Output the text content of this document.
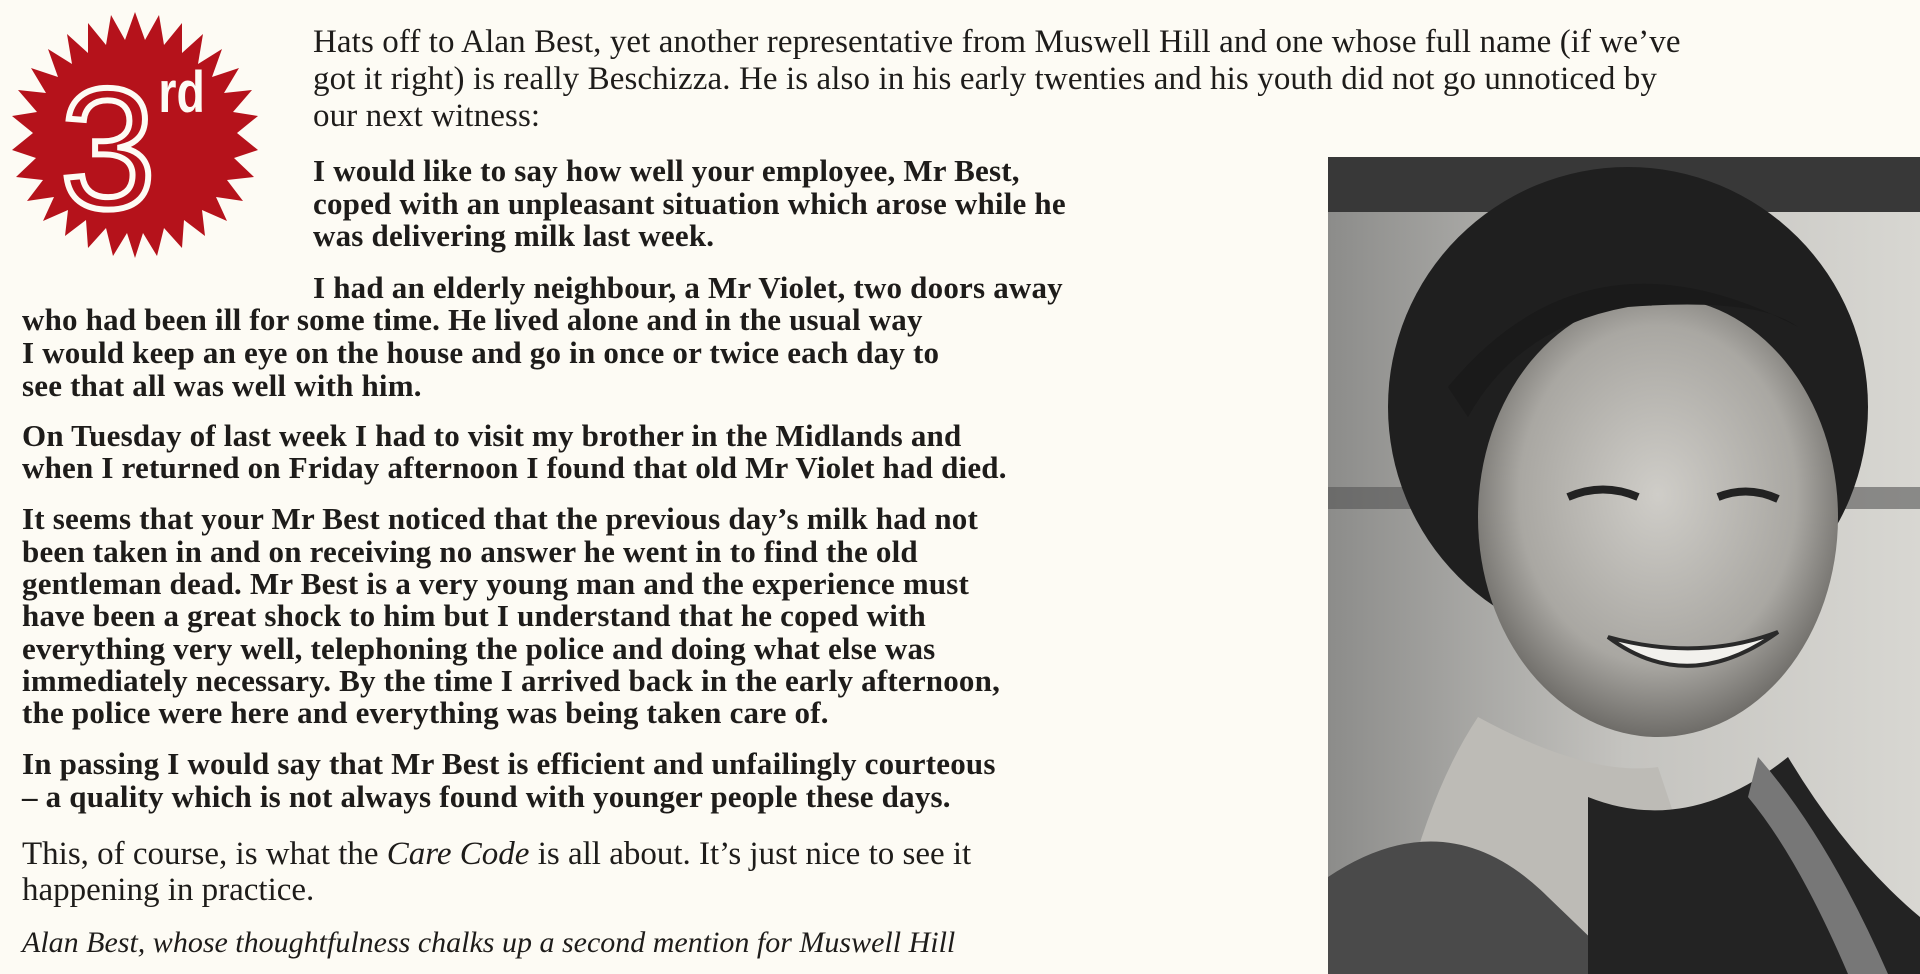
3 rd
Hats off to Alan Best, yet another representative from Muswell Hill and one whose full name (if we’ve
got it right) is really Beschizza. He is also in his early twenties and his youth did not go unnoticed by
our next witness:
I would like to say how well your employee, Mr Best,
coped with an unpleasant situation which arose while he
was delivering milk last week.
I had an elderly neighbour, a Mr Violet, two doors away
who had been ill for some time. He lived alone and in the usual way
I would keep an eye on the house and go in once or twice each day to
see that all was well with him.
On Tuesday of last week I had to visit my brother in the Midlands and
when I returned on Friday afternoon I found that old Mr Violet had died.
It seems that your Mr Best noticed that the previous day’s milk had not
been taken in and on receiving no answer he went in to find the old
gentleman dead. Mr Best is a very young man and the experience must
have been a great shock to him but I understand that he coped with
everything very well, telephoning the police and doing what else was
immediately necessary. By the time I arrived back in the early afternoon,
the police were here and everything was being taken care of.
In passing I would say that Mr Best is efficient and unfailingly courteous
– a quality which is not always found with younger people these days.
This, of course, is what the Care Code is all about. It’s just nice to see it
happening in practice.
Alan Best, whose thoughtfulness chalks up a second mention for Muswell Hill
